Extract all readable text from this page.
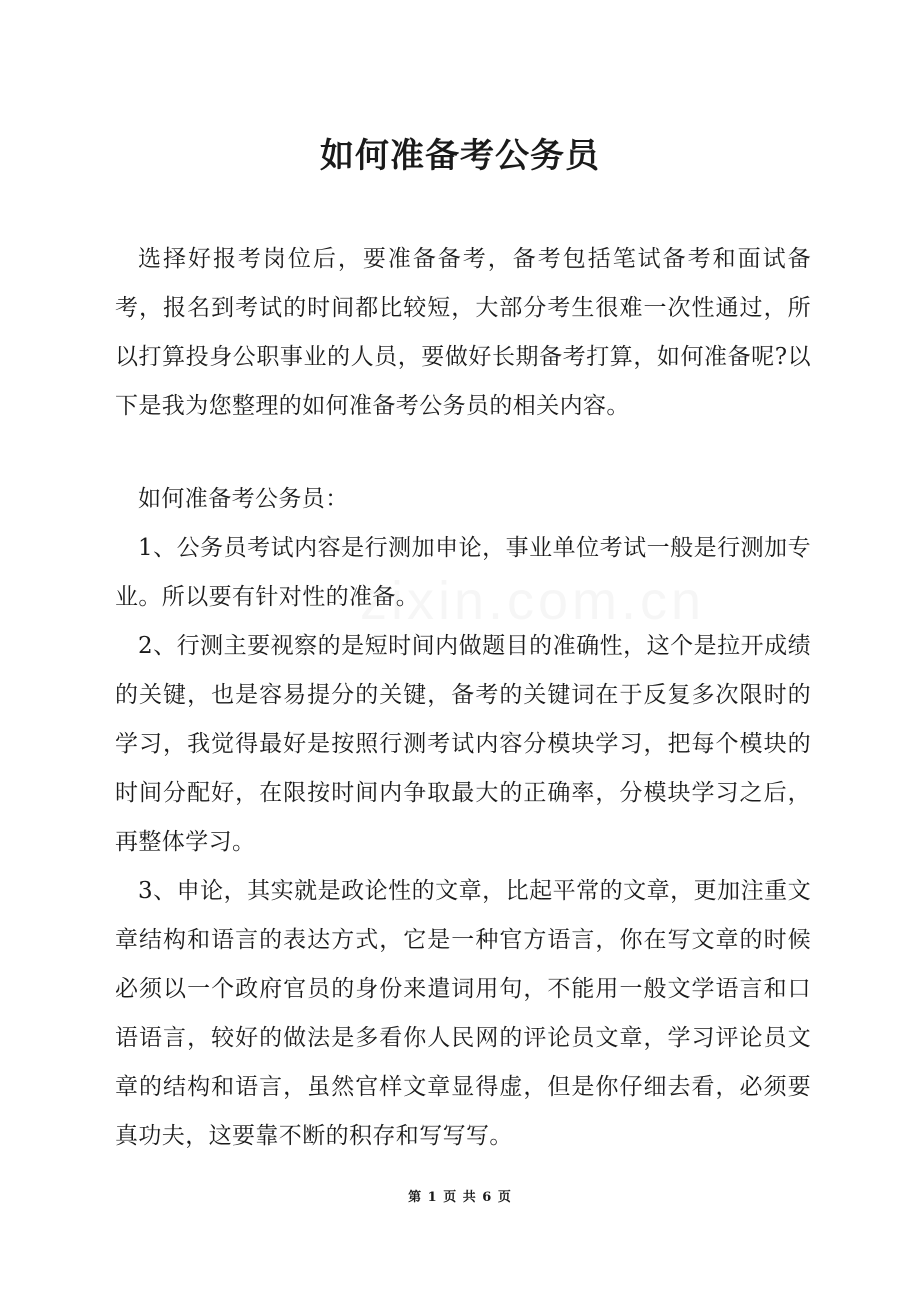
如何准备考公务员
zixin.com.cn

选择好报考岗位后，要准备备考，备考包括笔试备考和面试备考，报名到考试的时间都比较短，大部分考生很难一次性通过，所以打算投身公职事业的人员，要做好长期备考打算，如何准备呢?以下是我为您整理的如何准备考公务员的相关内容。

如何准备考公务员：

1、公务员考试内容是行测加申论，事业单位考试一般是行测加专业。所以要有针对性的准备。

2、行测主要视察的是短时间内做题目的准确性，这个是拉开成绩的关键，也是容易提分的关键，备考的关键词在于反复多次限时的学习，我觉得最好是按照行测考试内容分模块学习，把每个模块的时间分配好，在限按时间内争取最大的正确率，分模块学习之后，再整体学习。

3、申论，其实就是政论性的文章，比起平常的文章，更加注重文章结构和语言的表达方式，它是一种官方语言，你在写文章的时候必须以一个政府官员的身份来遣词用句，不能用一般文学语言和口语语言，较好的做法是多看你人民网的评论员文章，学习评论员文章的结构和语言，虽然官样文章显得虚，但是你仔细去看，必须要真功夫，这要靠不断的积存和写写写。

第 1 页 共 6 页
